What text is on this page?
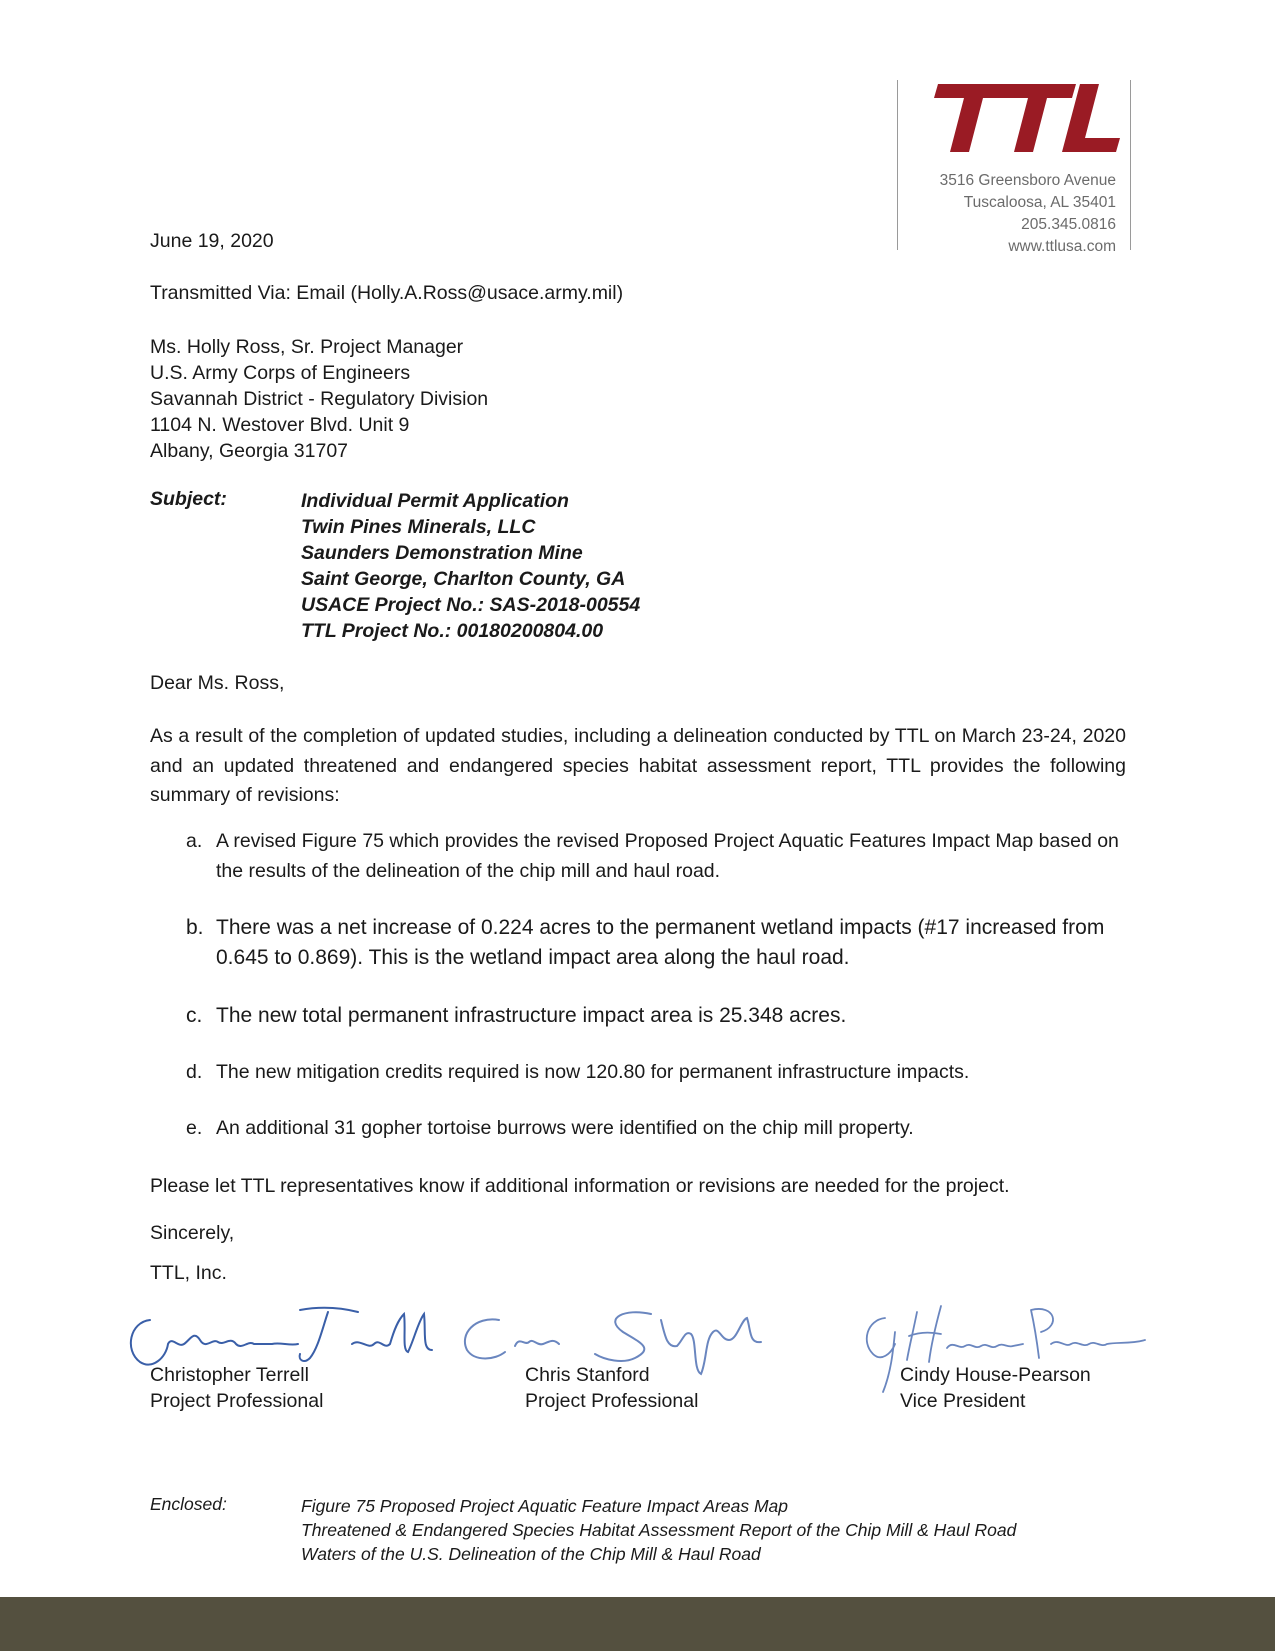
3516 Greensboro Avenue
Tuscaloosa, AL 35401
205.345.0816
www.ttlusa.com
June 19, 2020
Transmitted Via: Email (Holly.A.Ross@usace.army.mil)
Ms. Holly Ross, Sr. Project Manager
U.S. Army Corps of Engineers
Savannah District - Regulatory Division
1104 N. Westover Blvd. Unit 9
Albany, Georgia 31707
Subject:	Individual Permit Application
Twin Pines Minerals, LLC
Saunders Demonstration Mine
Saint George, Charlton County, GA
USACE Project No.: SAS-2018-00554
TTL Project No.: 00180200804.00
Dear Ms. Ross,
As a result of the completion of updated studies, including a delineation conducted by TTL on March 23-24, 2020 and an updated threatened and endangered species habitat assessment report, TTL provides the following summary of revisions:
a. A revised Figure 75 which provides the revised Proposed Project Aquatic Features Impact Map based on the results of the delineation of the chip mill and haul road.
b. There was a net increase of 0.224 acres to the permanent wetland impacts (#17 increased from 0.645 to 0.869). This is the wetland impact area along the haul road.
c. The new total permanent infrastructure impact area is 25.348 acres.
d. The new mitigation credits required is now 120.80 for permanent infrastructure impacts.
e. An additional 31 gopher tortoise burrows were identified on the chip mill property.
Please let TTL representatives know if additional information or revisions are needed for the project.
Sincerely,
TTL, Inc.
Christopher Terrell
Project Professional
Chris Stanford
Project Professional
Cindy House-Pearson
Vice President
Enclosed:	Figure 75 Proposed Project Aquatic Feature Impact Areas Map
Threatened & Endangered Species Habitat Assessment Report of the Chip Mill & Haul Road
Waters of the U.S. Delineation of the Chip Mill & Haul Road
